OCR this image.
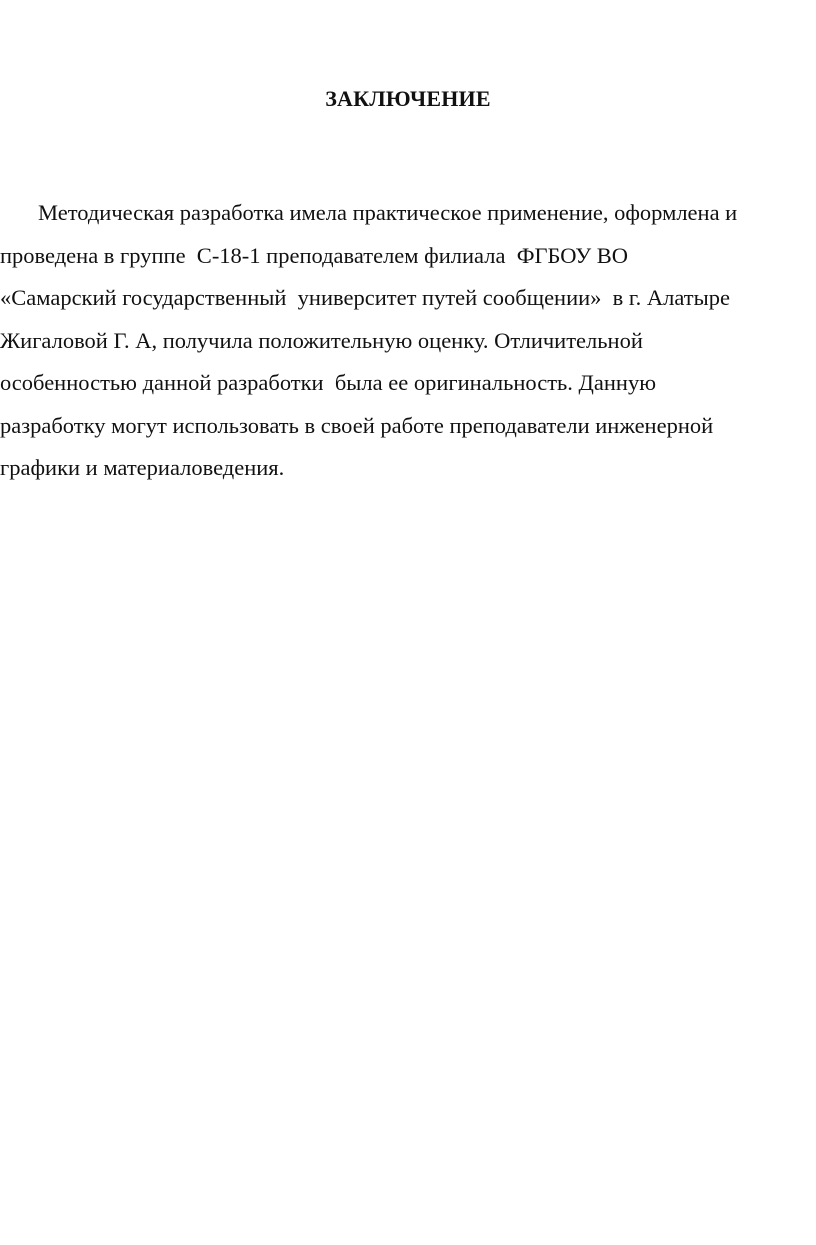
ЗАКЛЮЧЕНИЕ
Методическая разработка имела практическое применение, оформлена и
проведена в группе  С-18-1 преподавателем филиала  ФГБОУ ВО
«Самарский государственный  университет путей сообщении»  в г. Алатыре
Жигаловой Г. А, получила положительную оценку. Отличительной
особенностью данной разработки  была ее оригинальность. Данную
разработку могут использовать в своей работе преподаватели инженерной
графики и материаловедения.
